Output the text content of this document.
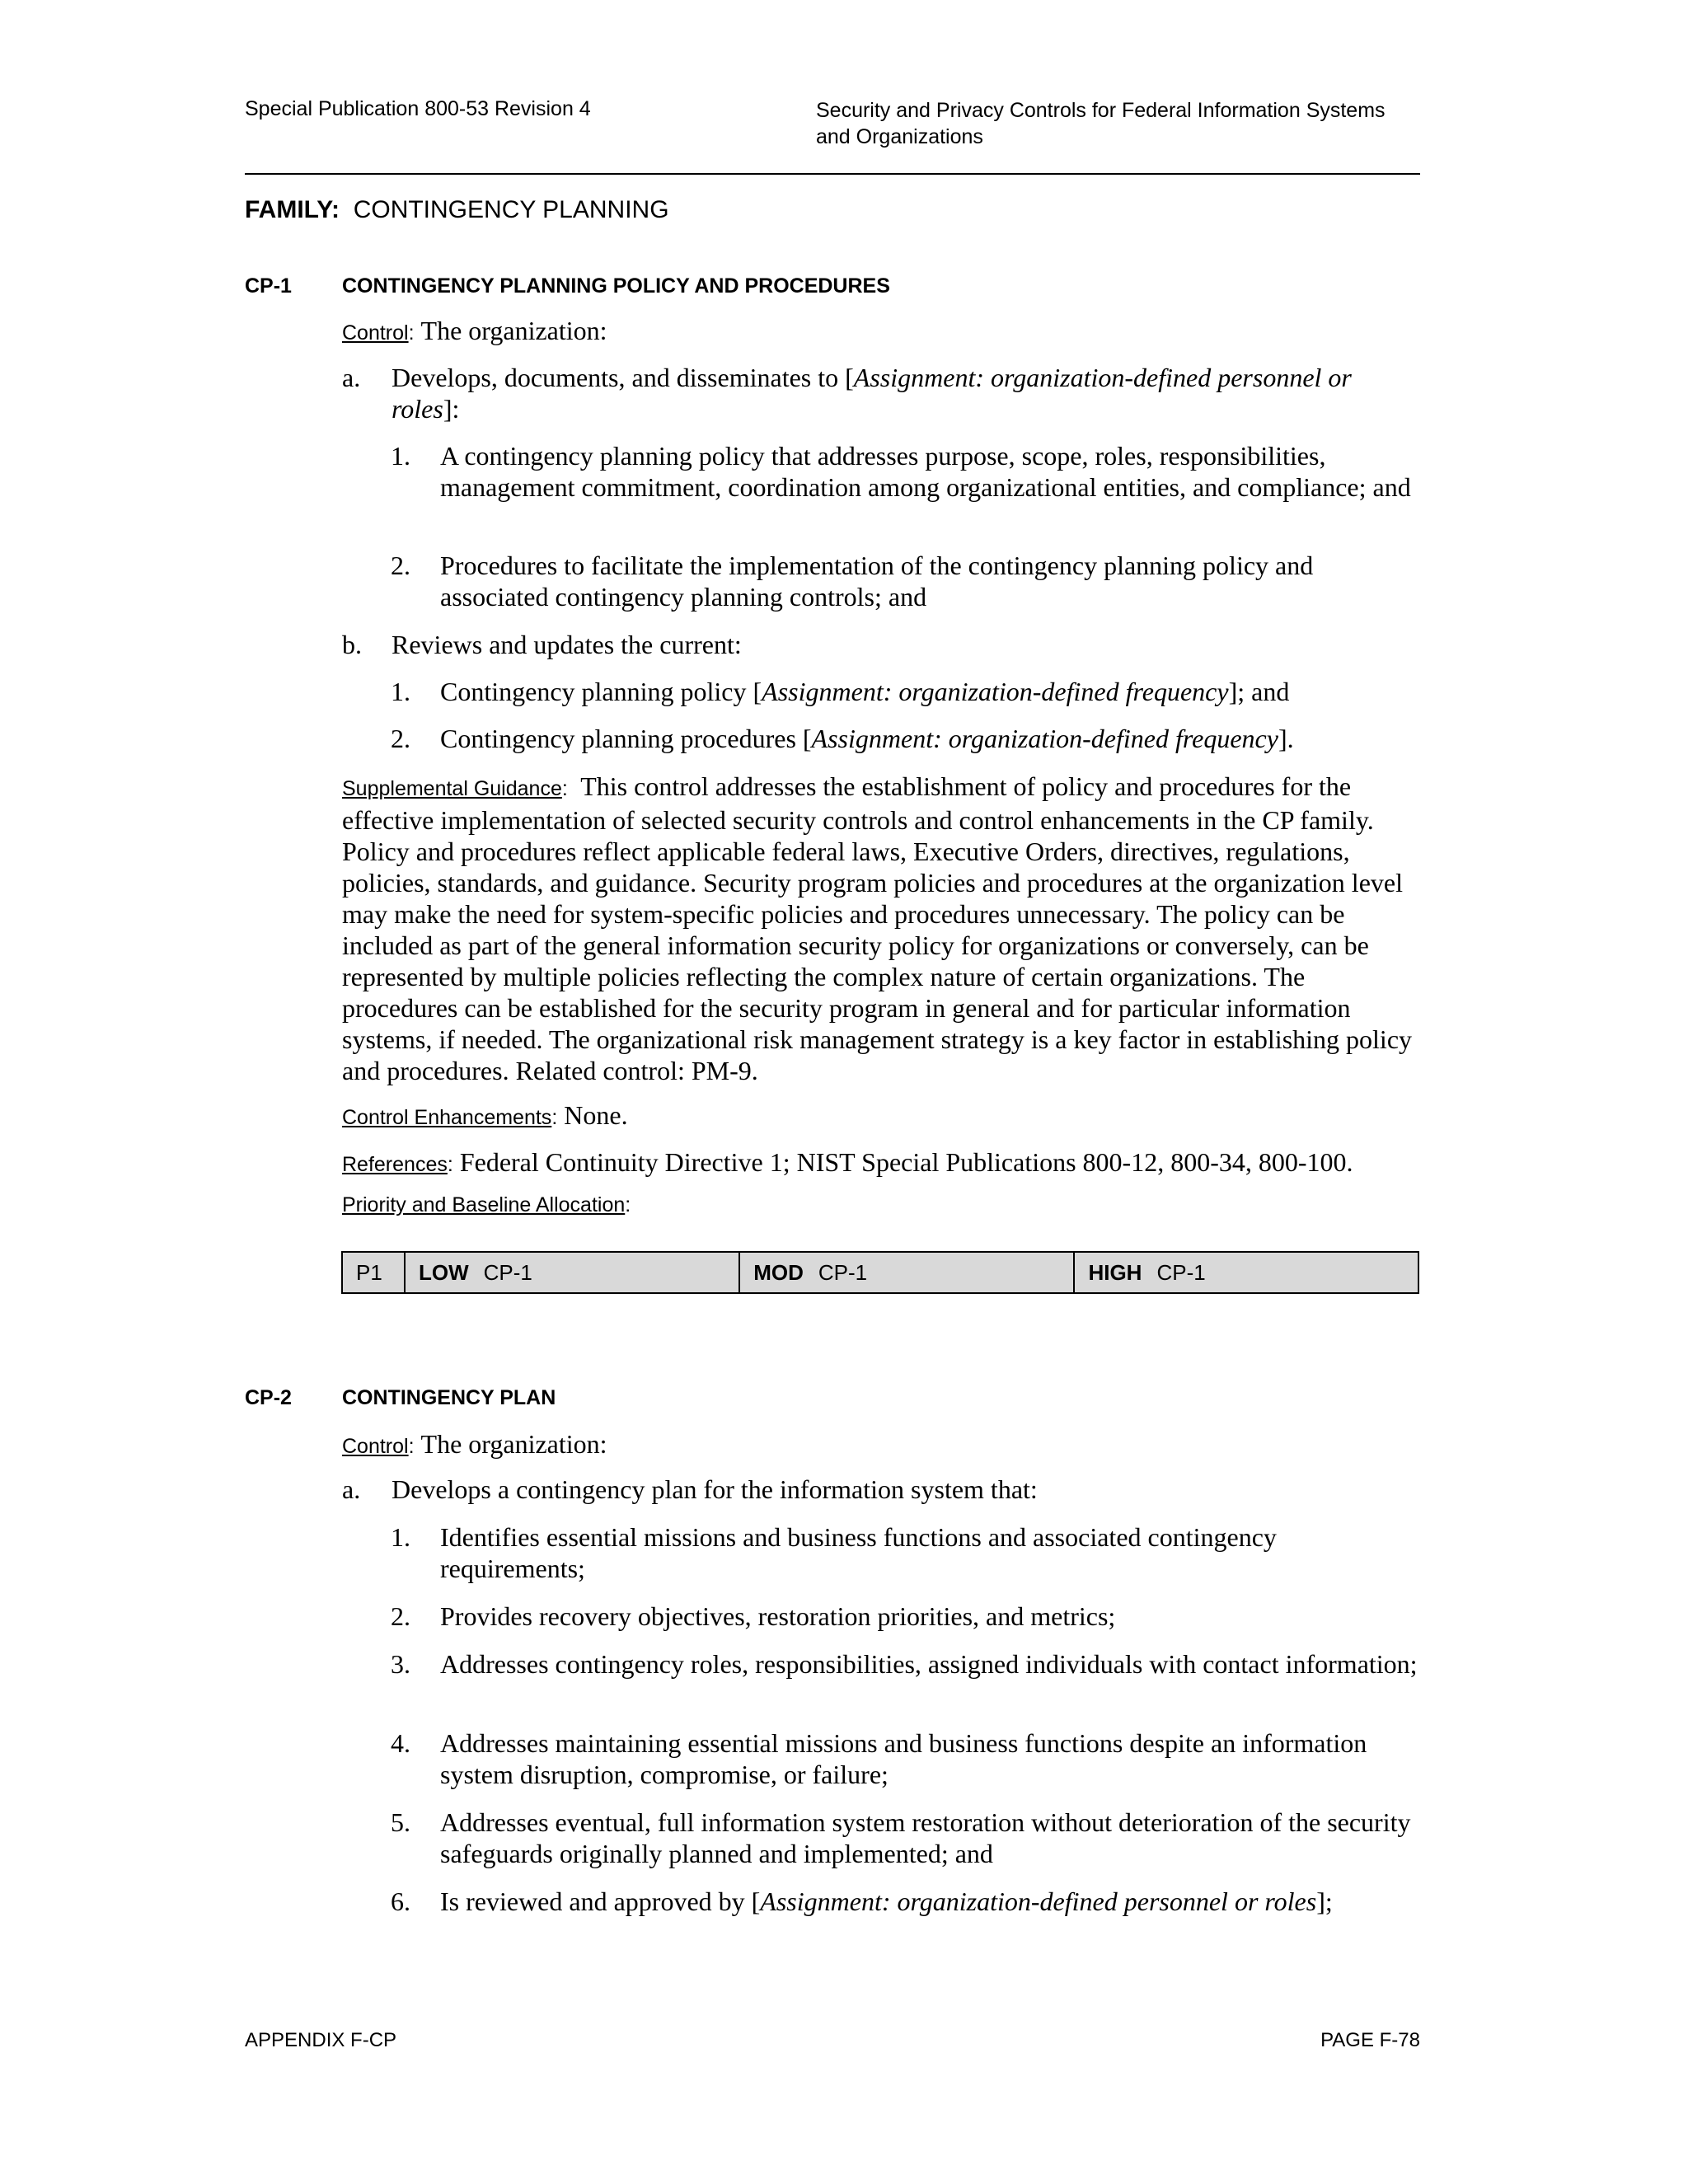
Special Publication 800-53 Revision 4	Security and Privacy Controls for Federal Information Systems
and Organizations
FAMILY: CONTINGENCY PLANNING
CP-1 CONTINGENCY PLANNING POLICY AND PROCEDURES
Control: The organization:
a. Develops, documents, and disseminates to [Assignment: organization-defined personnel or roles]:
1. A contingency planning policy that addresses purpose, scope, roles, responsibilities, management commitment, coordination among organizational entities, and compliance; and
2. Procedures to facilitate the implementation of the contingency planning policy and associated contingency planning controls; and
b. Reviews and updates the current:
1. Contingency planning policy [Assignment: organization-defined frequency]; and
2. Contingency planning procedures [Assignment: organization-defined frequency].
Supplemental Guidance: This control addresses the establishment of policy and procedures for the effective implementation of selected security controls and control enhancements in the CP family. Policy and procedures reflect applicable federal laws, Executive Orders, directives, regulations, policies, standards, and guidance. Security program policies and procedures at the organization level may make the need for system-specific policies and procedures unnecessary. The policy can be included as part of the general information security policy for organizations or conversely, can be represented by multiple policies reflecting the complex nature of certain organizations. The procedures can be established for the security program in general and for particular information systems, if needed. The organizational risk management strategy is a key factor in establishing policy and procedures. Related control: PM-9.
Control Enhancements: None.
References: Federal Continuity Directive 1; NIST Special Publications 800-12, 800-34, 800-100.
Priority and Baseline Allocation:
P1	LOW CP-1	MOD CP-1	HIGH CP-1
CP-2 CONTINGENCY PLAN
Control: The organization:
a. Develops a contingency plan for the information system that:
1. Identifies essential missions and business functions and associated contingency requirements;
2. Provides recovery objectives, restoration priorities, and metrics;
3. Addresses contingency roles, responsibilities, assigned individuals with contact information;
4. Addresses maintaining essential missions and business functions despite an information system disruption, compromise, or failure;
5. Addresses eventual, full information system restoration without deterioration of the security safeguards originally planned and implemented; and
6. Is reviewed and approved by [Assignment: organization-defined personnel or roles];
APPENDIX F-CP	PAGE F-78
